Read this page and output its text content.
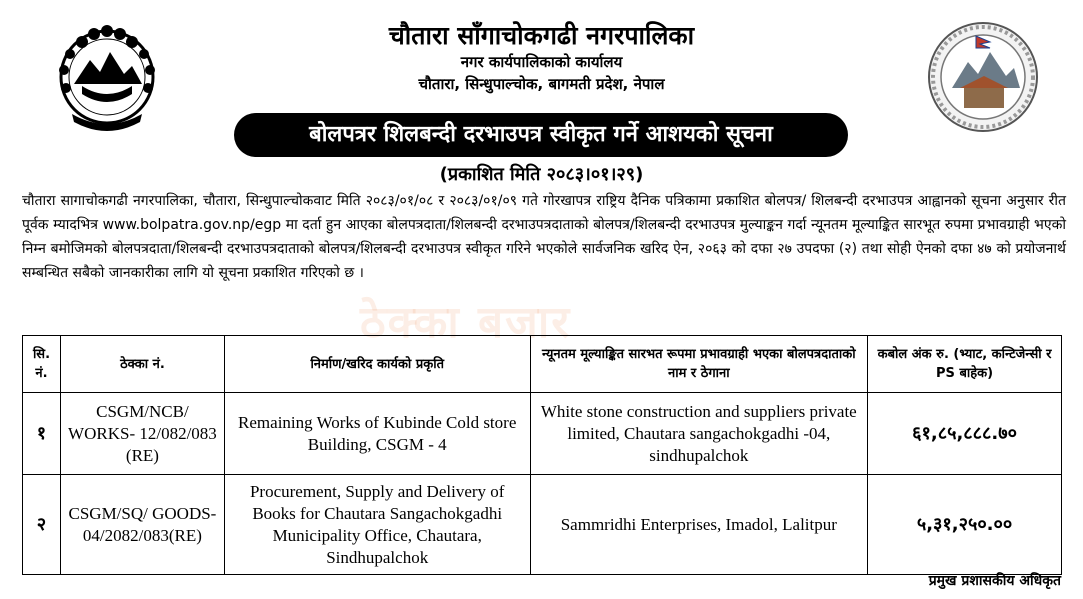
चौतारा साँगाचोकगढी नगरपालिका
नगर कार्यपालिकाको कार्यालय
चौतारा, सिन्धुपाल्चोक, बागमती प्रदेश, नेपाल
बोलपत्रर शिलबन्दी दरभाउपत्र स्वीकृत गर्ने आशयको सूचना
(प्रकाशित मिति २०८३।०१।२९)
चौतारा सागाचोकगढी नगरपालिका, चौतारा, सिन्धुपाल्चोकवाट मिति २०८३/०१/०८ र २०८३/०१/०९ गते गोरखापत्र राष्ट्रिय दैनिक पत्रिकामा प्रकाशित बोलपत्र/ शिलबन्दी दरभाउपत्र आह्वानको सूचना अनुसार रीत पूर्वक म्यादभित्र www.bolpatra.gov.np/egp मा दर्ता हुन आएका बोलपत्रदाता/शिलबन्दी दरभाउपत्रदाताको बोलपत्र/शिलबन्दी दरभाउपत्र मुल्याङ्कन गर्दा न्यूनतम मूल्याङ्कित सारभूत रुपमा प्रभावग्राही भएको निम्न बमोजिमको बोलपत्रदाता/शिलबन्दी दरभाउपत्रदाताको बोलपत्र/शिलबन्दी दरभाउपत्र स्वीकृत गरिने भएकोले सार्वजनिक खरिद ऐन, २०६३ को दफा २७ उपदफा (२) तथा सोही ऐनको दफा ४७ को प्रयोजनार्थ सम्बन्धित सबैको जानकारीका लागि यो सूचना प्रकाशित गरिएको छ ।
ठेक्का बजार
सि. नं.	ठेक्का नं.	निर्माण/खरिद कार्यको प्रकृति	न्यूनतम मूल्याङ्कित सारभत रूपमा प्रभावग्राही भएका बोलपत्रदाताको नाम र ठेगाना	कबोल अंक रु. (भ्याट, कन्टिजेन्सी र PS बाहेक)
१	CSGM/NCB/ WORKS- 12/082/083 (RE)	Remaining Works of Kubinde Cold store Building, CSGM - 4	White stone construction and suppliers private limited, Chautara sangachokgadhi -04, sindhupalchok	६१,८५,८८८.७०
२	CSGM/SQ/ GOODS- 04/2082/083(RE)	Procurement, Supply and Delivery of Books for Chautara Sangachokgadhi Municipality Office, Chautara, Sindhupalchok	Sammridhi Enterprises, Imadol, Lalitpur	५,३१,२५०.००
प्रमुख प्रशासकीय अधिकृत
